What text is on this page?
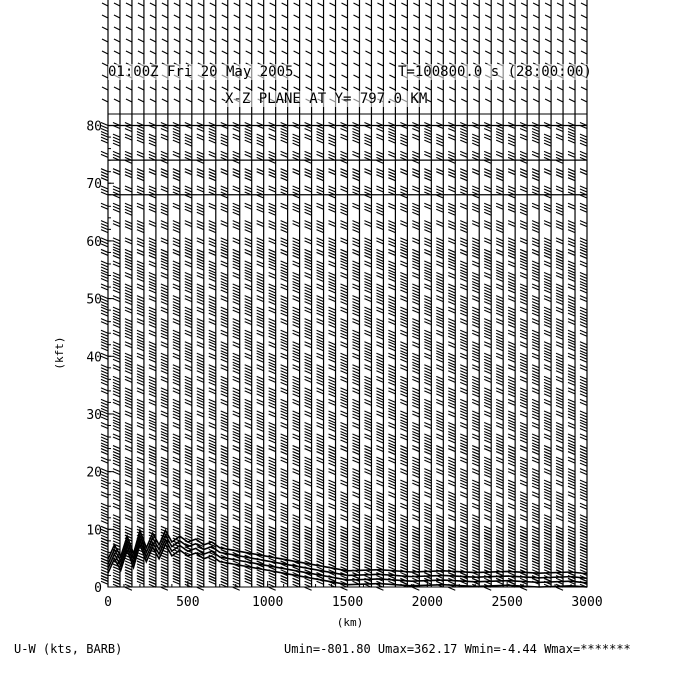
0	500	1000	1500	2000	2500	3000
0
10
20
30
40
50
60
70
80
(km)
(kft)
01:00Z Fri 20 May 2005	T=100800.0 s (28:00:00)
X-Z PLANE AT Y= 797.0 KM
U-W (kts, BARB)	Umin=-801.80 Umax=362.17 Wmin=-4.44 Wmax=*******
